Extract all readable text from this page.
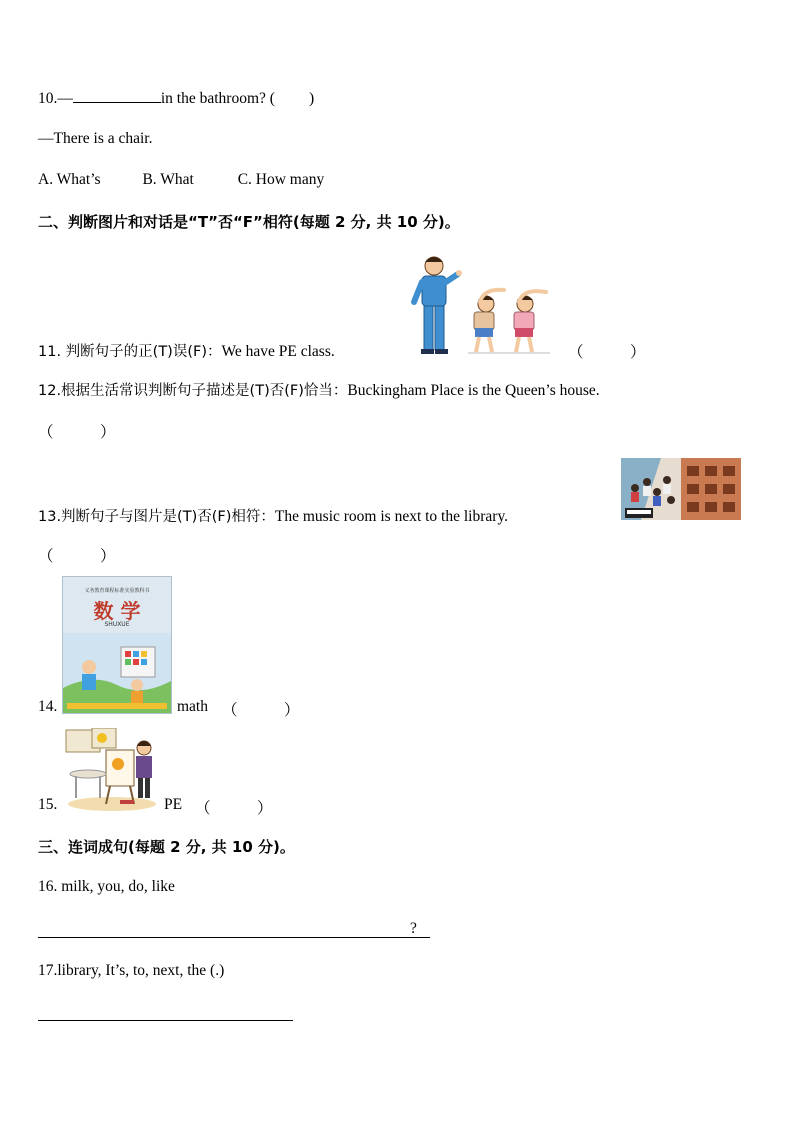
10.—	in the bathroom? ( )
—There is a chair.
A. What’s	B. What	C. How many
二、判断图片和对话是“T”否“F”相符(每题 2 分, 共 10 分)。
11. 判断句子的正(T)误(F)：We have PE class.	（　　　）
12.根据生活常识判断句子描述是(T)否(F)恰当：Buckingham Place is the Queen’s house.
（　　　）
13.判断句子与图片是(T)否(F)相符：The music room is next to the library.
（　　　）
义务教育课程标准实验教科书
数 学
SHUXUE
14.	math （　　　）
15.	PE （　　　）
三、连词成句(每题 2 分, 共 10 分)。
16. milk, you, do, like
?
17.library, It’s, to, next, the (.)
